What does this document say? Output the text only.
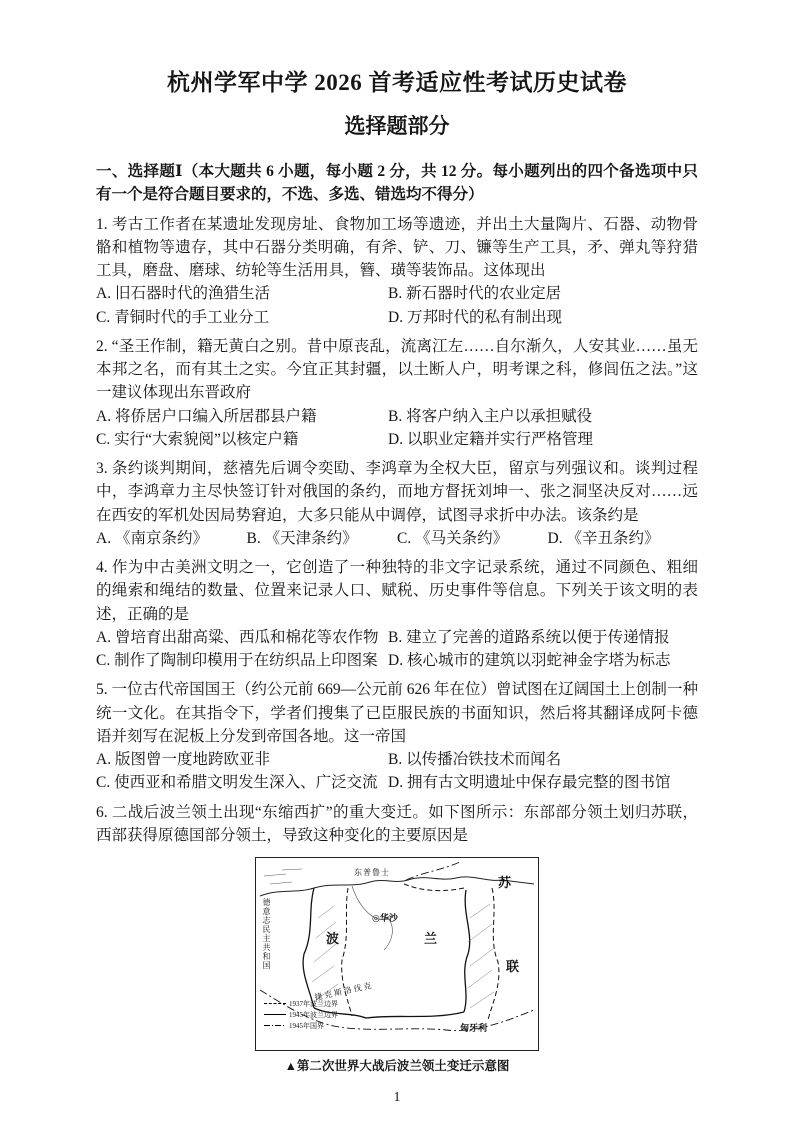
杭州学军中学 2026 首考适应性考试历史试卷
选择题部分

一、选择题Ⅰ（本大题共 6 小题，每小题 2 分，共 12 分。每小题列出的四个备选项中只有一个是符合题目要求的，不选、多选、错选均不得分）

1. 考古工作者在某遗址发现房址、食物加工场等遗迹，并出土大量陶片、石器、动物骨骼和植物等遗存，其中石器分类明确，有斧、铲、刀、镰等生产工具，矛、弹丸等狩猎工具，磨盘、磨球、纺轮等生活用具，簪、璜等装饰品。这体现出

A. 旧石器时代的渔猎生活	B. 新石器时代的农业定居
C. 青铜时代的手工业分工	D. 万邦时代的私有制出现

2. “圣王作制，籍无黄白之别。昔中原丧乱，流离江左……自尔渐久，人安其业……虽无本邦之名，而有其土之实。今宜正其封疆，以土断人户，明考课之科，修闾伍之法。”这一建议体现出东晋政府

A. 将侨居户口编入所居郡县户籍	B. 将客户纳入主户以承担赋役
C. 实行“大索貌阅”以核定户籍	D. 以职业定籍并实行严格管理

3. 条约谈判期间，慈禧先后调令奕劻、李鸿章为全权大臣，留京与列强议和。谈判过程中，李鸿章力主尽快签订针对俄国的条约，而地方督抚刘坤一、张之洞坚决反对……远在西安的军机处因局势窘迫，大多只能从中调停，试图寻求折中办法。该条约是

A. 《南京条约》	B. 《天津条约》	C. 《马关条约》	D. 《辛丑条约》

4. 作为中古美洲文明之一，它创造了一种独特的非文字记录系统，通过不同颜色、粗细的绳索和绳结的数量、位置来记录人口、赋税、历史事件等信息。下列关于该文明的表述，正确的是

A. 曾培育出甜高粱、西瓜和棉花等农作物 B. 建立了完善的道路系统以便于传递情报
C. 制作了陶制印模用于在纺织品上印图案 D. 核心城市的建筑以羽蛇神金字塔为标志

5. 一位古代帝国国王（约公元前 669—公元前 626 年在位）曾试图在辽阔国土上创制一种统一文化。在其指令下，学者们搜集了已臣服民族的书面知识，然后将其翻译成阿卡德语并刻写在泥板上分发到帝国各地。这一帝国

A. 版图曾一度地跨欧亚非	B. 以传播冶铁技术而闻名
C. 使西亚和希腊文明发生深入、广泛交流 D. 拥有古文明遗址中保存最完整的图书馆

6. 二战后波兰领土出现“东缩西扩”的重大变迁。如下图所示：东部部分领土划归苏联，西部获得原德国部分领土，导致这种变化的主要原因是

东普鲁士
苏
联
波	兰
◎华沙
德意志民主共和国
捷克斯洛伐克
匈牙利
1937年波兰边界
1945年波兰边界
1945年国界

▲第二次世界大战后波兰领土变迁示意图

1
